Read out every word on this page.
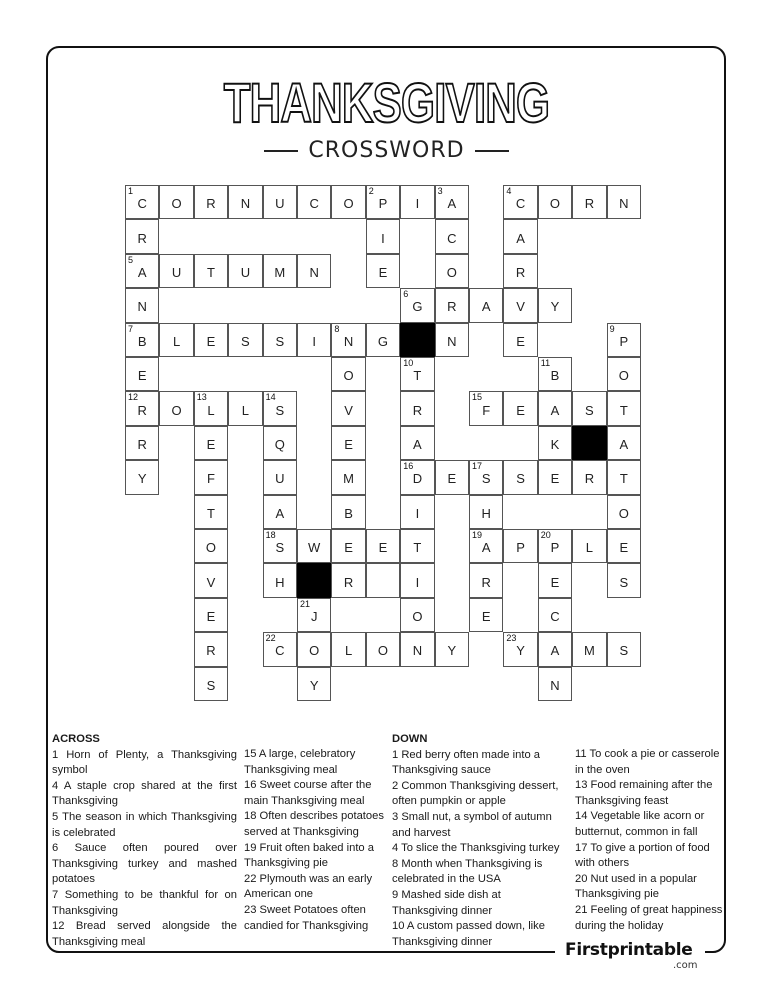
THANKSGIVING
CROSSWORD
1
C	O	R	N	U	C	O
2
P	I
3
A
4
C	O	R	N
R	I	C	A
5
A	U	T	U	M	N	E	O	R
N
6
G	R	A	V	Y
7
B	L	E	S	S	I
8
N	G	N	E
9
P
E	O
10
T
11
B	O
12
R	O
13
L	L
14
S	V	R
15
F	E	A	S	T
R	E	Q	E	A	K	A
Y	F	U	M
16
D	E
17
S	S	E	R	T
T	A	B	I	H	O
O
18
S	W	E	E	T
19
A	P
20
P	L	E
V	H	R	I	R	E	S
E
21
J	O	E	C
R
22
C	O	L	O	N	Y
23
Y	A	M	S
S	Y	N
ACROSS
1 Horn of Plenty, a Thanksgiving symbol
4 A staple crop shared at the first Thanksgiving
5 The season in which Thanksgiving is celebrated
6 Sauce often poured over Thanksgiving turkey and mashed potatoes
7 Something to be thankful for on Thanksgiving
12 Bread served alongside the Thanksgiving meal
15 A large, celebratory Thanksgiving meal
16 Sweet course after the main Thanksgiving meal
18 Often describes potatoes served at Thanksgiving
19 Fruit often baked into a Thanksgiving pie
22 Plymouth was an early American one
23 Sweet Potatoes often candied for Thanksgiving
DOWN
1 Red berry often made into a Thanksgiving sauce
2 Common Thanksgiving dessert, often pumpkin or apple
3 Small nut, a symbol of autumn and harvest
4 To slice the Thanksgiving turkey
8 Month when Thanksgiving is celebrated in the USA
9 Mashed side dish at Thanksgiving dinner
10 A custom passed down, like Thanksgiving dinner
11 To cook a pie or casserole in the oven
13 Food remaining after the Thanksgiving feast
14 Vegetable like acorn or butternut, common in fall
17 To give a portion of food with others
20 Nut used in a popular Thanksgiving pie
21 Feeling of great happiness during the holiday
Firstprintable
.com
